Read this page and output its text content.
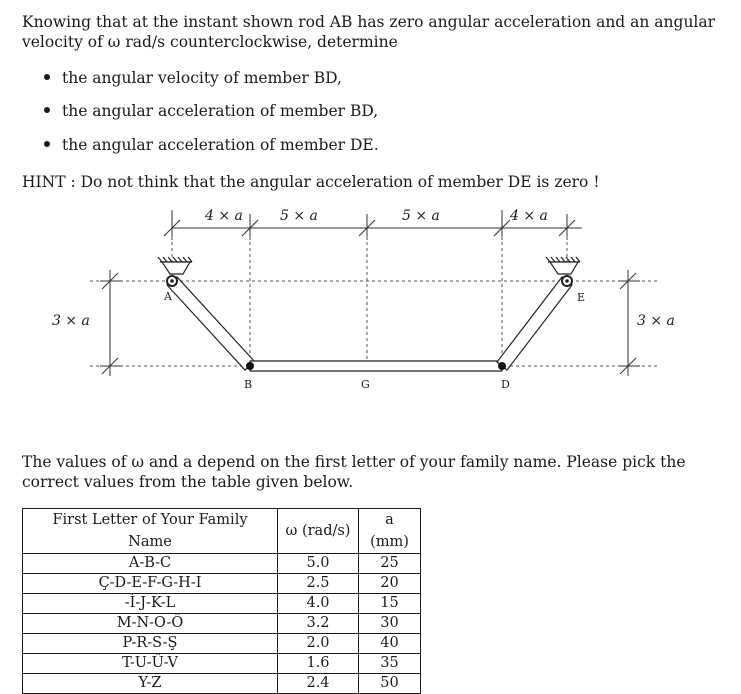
Knowing that at the instant shown rod AB has zero angular acceleration and an angular velocity of ω rad/s counterclockwise, determine

the angular velocity of member BD,
the angular acceleration of member BD,
the angular acceleration of member DE.
HINT : Do not think that the angular acceleration of member DE is zero !
4 × a	5 × a	5 × a	4 × a
3 × a	3 × a
A
B	G	D
E

The values of ω and a depend on the first letter of your family name. Please pick the correct values from the table given below.

First Letter of Your Family Name	ω (rad/s)	a (mm)
A-B-C	5.0	25
Ç-D-E-F-G-H-I	2.5	20
-İ-J-K-L	4.0	15
M-N-O-Ö	3.2	30
P-R-S-Ş	2.0	40
T-U-Ü-V	1.6	35
Y-Z	2.4	50
